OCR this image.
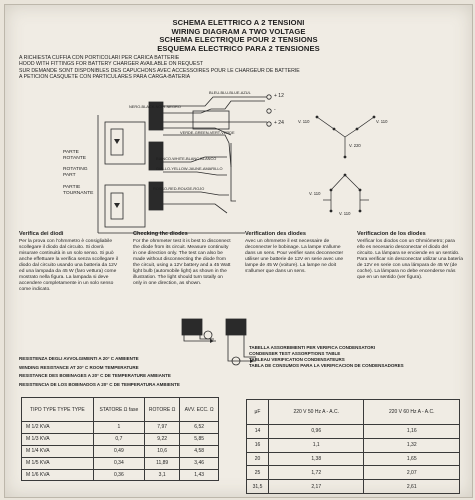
SCHEMA ELETTRICO A 2 TENSIONI
WIRING DIAGRAM A TWO VOLTAGE
SCHEMA ELECTRIQUE POUR 2 TENSIONS
ESQUEMA ELECTRICO PARA 2 TENSIONES
A RICHIESTA CUFFIA CON PORTICOLARI PER CARICA BATTERIE
HOOD WITH FITTINGS FOR BATTERY CHARGER AVAILABLE ON REQUEST
SUR DEMANDE SONT DISPONIBLES DES CAPUCHONS AVEC ACCESSOIRES POUR LE CHARGEUR DE BATTERIE
A PETICION CASQUETE CON PARTICULARES PARA CARGA-BATERIA
BLEU-BLU-BLUE-AZUL
NERO-BLACK-NOIR-NEGRO
VERDE-GREEN-VERT-VERDE
BIANCO-WHITE-BLANC-BLANCO
GIALLO-YELLOW-JAUNE-AMARILLO
ROSSO-RED-ROUGE-ROJO
+ 12
-
+ 24
PARTE
ROTANTE

ROTATING
PART

PARTIE
TOURNANTE
V. 110	V. 110
V. 220
V. 110
V. 110
Verifica dei diodi

Per la prova con l'ohmmetro è consigliabile scollegare il diodo dal circuito. Si dovrà misurare continuità in un solo senso. Si può anche effettuare la verifica senza scollegare il diodo dal circuito usando una batteria da 12V ed una lampada da 45 W (faro vettura) come mostrato nella figura. La lampada si deve accendere completamente in un solo senso come indicato.

Checking the diodes

For the ohmmeter test it is best to disconnect the diode from its circuit. Measure continuity in one direction only. The test can also be made without disconnecting the diode from the circuit, using a 12V battery and a 45 Watt light bulb (automobile light) as shown in the illustration. The light should turn totally on only in one direction, as shown.

Verification des diodes

Avec un ohmmetre il est necessaire de deconnecter le bobinage. La lampe s'allume dans un sens. Pour verifier sans deconnecter utiliser une batterie de 12V en serie avec une lampe de 45 W (voiture). La lampe ne doit s'allumer que dans un sens.

Verificacion de los diodes

Verificar los diodos con un Ohmiómetro; para ello es necesario desconectar el diodo del circuito. La lámpara se enciende en un sentido. Para verificar sin desconectar utilizar una batería de 12V en serie con una lámpara de 45 W (de coche). La lámpara no debe encenderse más que en un sentido (ver figura).

RESISTENZA DEGLI AVVOLGIMENTI A 20° C AMBIENTE
WINDING RESISTANCE AT 20° C ROOM TEMPERATURE
RESISTANCE DES BOBINAGES A 20° C DE TEMPERATURE AMBIANTE
RESISTENCIA DE LOS BOBINADOS A 20° C DE TEMPERATURA AMBIENTE
TIPO TYPE TYPE TYPE	STATORE Ω fase	ROTORE Ω	AVV. ECC. Ω
M 1/2 KVA	1	7,97	6,52
M 1/3 KVA	0,7	9,22	5,85
M 1/4 KVA	0,49	10,6	4,58
M 1/5 KVA	0,34	11,89	3,46
M 1/6 KVA	0,36	3,1	1,43
TABELLA ASSORBIMENTI PER VERIFICA CONDENSATORI
CONDENSER TEST ASSORPTIONS TABLE
TABLEAU VERIFICATION CONDENSATEURS
TABLA DE CONSUMOS PARA LA VERIFICACION DE CONDENSADORES
μF	220 V 50 Hz A - A.C.	220 V 60 Hz A - A.C.
14	0,96	1,16
16	1,1	1,32
20	1,38	1,65
25	1,72	2,07
31,5	2,17	2,61
